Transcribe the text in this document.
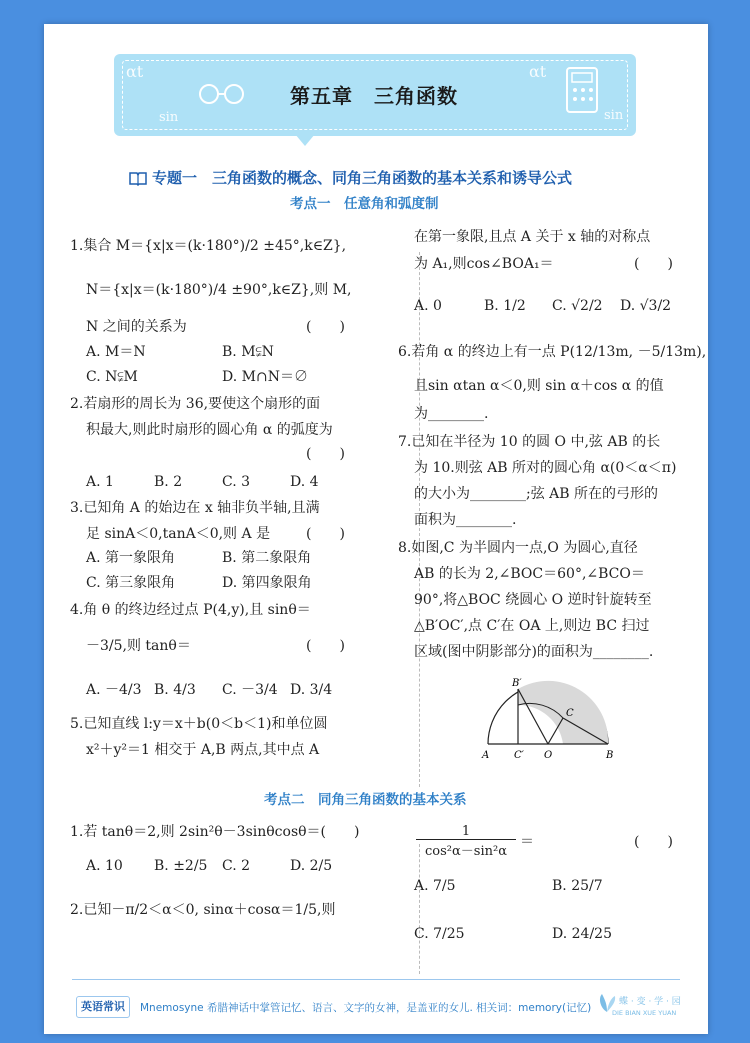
αt
sin
αt
sin
第五章　三角函数
专题一　三角函数的概念、同角三角函数的基本关系和诱导公式
考点一　任意角和弧度制
1.集合 M＝{x|x＝(k·180°)/2 ±45°,k∈Z},
N＝{x|x＝(k·180°)/4 ±90°,k∈Z},则 M,
N 之间的关系为	(　　)
A. M＝N	B. M⫋N
C. N⫋M	D. M∩N＝∅
2.若扇形的周长为 36,要使这个扇形的面
积最大,则此时扇形的圆心角 α 的弧度为
(　　)
A. 1	B. 2	C. 3	D. 4
3.已知角 A 的始边在 x 轴非负半轴,且满
足 sinA＜0,tanA＜0,则 A 是	(　　)
A. 第一象限角	B. 第二象限角
C. 第三象限角	D. 第四象限角
4.角 θ 的终边经过点 P(4,y),且 sinθ＝
－3/5,则 tanθ＝	(　　)
A. －4/3 B. 4/3 C. －3/4 D. 3/4
5.已知直线 l:y＝x＋b(0＜b＜1)和单位圆
x²＋y²＝1 相交于 A,B 两点,其中点 A
在第一象限,且点 A 关于 x 轴的对称点
为 A₁,则cos∠BOA₁＝	(　　)
A. 0	B. 1/2 C. √2/2 D. √3/2
6.若角 α 的终边上有一点 P(12/13m, －5/13m),
且sin αtan α＜0,则 sin α＋cos α 的值
为________.
7.已知在半径为 10 的圆 O 中,弦 AB 的长
为 10.则弦 AB 所对的圆心角 α(0＜α＜π)
的大小为________;弦 AB 所在的弓形的
面积为________.
8.如图,C 为半圆内一点,O 为圆心,直径
AB 的长为 2,∠BOC＝60°,∠BCO＝
90°,将△BOC 绕圆心 O 逆时针旋转至
△B′OC′,点 C′在 OA 上,则边 BC 扫过
区域(图中阴影部分)的面积为________.
B′
A C′ O
C
B
考点二　同角三角函数的基本关系
1.若 tanθ＝2,则 2sin²θ－3sinθcosθ＝(　　)
A. 10 B. ±2/5 C. 2	D. 2/5
2.已知－π/2＜α＜0, sinα＋cosα＝1/5,则
$\frac{1}{\text{cos²α－sin²α}}$ ＝	(　　)
A. 7/5	B. 25/7
C. 7/25	D. 24/25
英语常识	Mnemosyne 希腊神话中掌管记忆、语言、文字的女神，是盖亚的女儿. 相关词：memory(记忆)	蝶 · 变 · 学 · 园
DIE BIAN XUE YUAN
